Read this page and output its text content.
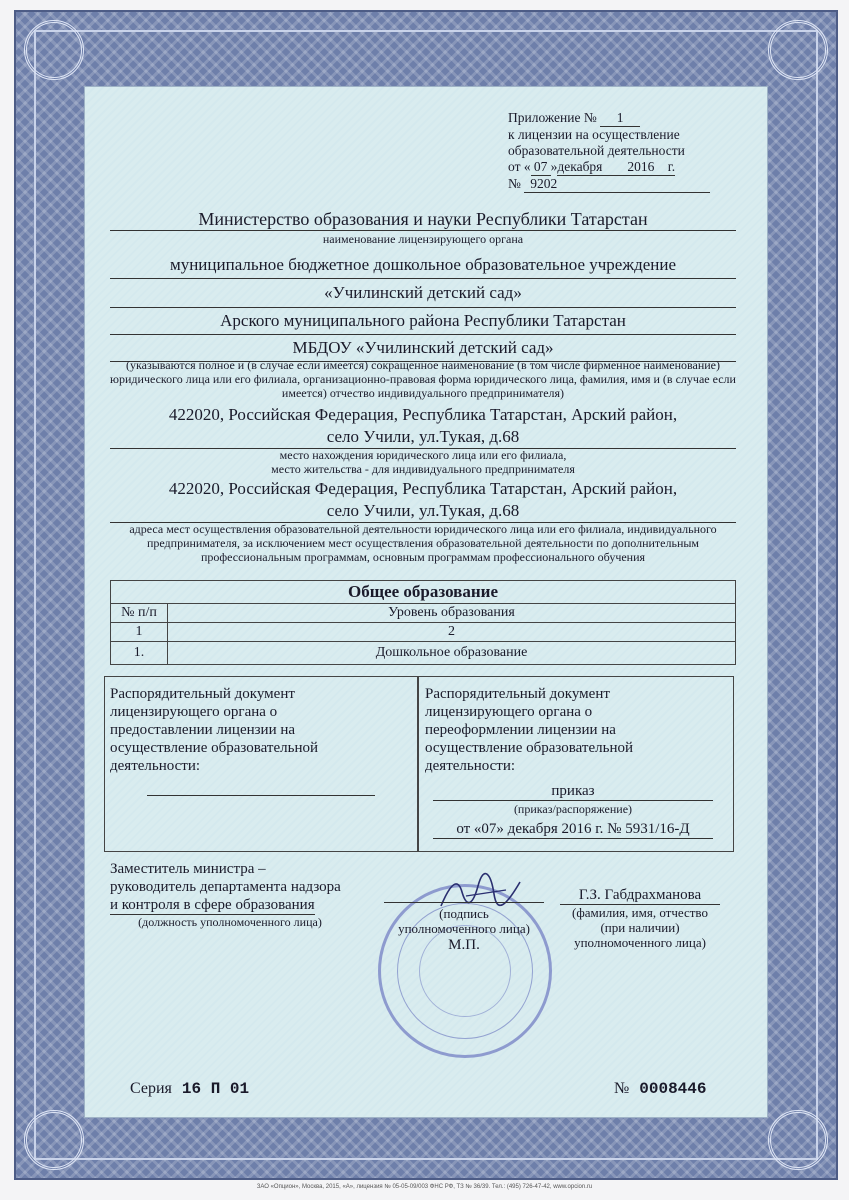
Приложение № 1
к лицензии на осуществление
образовательной деятельности
от « 07 »декабря 2016 г.
№ 9202
Министерство образования и науки Республики Татарстан
наименование лицензирующего органа
муниципальное бюджетное дошкольное образовательное учреждение
«Училинский детский сад»
Арского муниципального района Республики Татарстан
МБДОУ «Училинский детский сад»
(указываются полное и (в случае если имеется) сокращенное наименование (в том числе фирменное наименование) юридического лица или его филиала, организационно-правовая форма юридического лица, фамилия, имя и (в случае если имеется) отчество индивидуального предпринимателя)
422020, Российская Федерация, Республика Татарстан, Арский район,
село Учили, ул.Тукая, д.68
место нахождения юридического лица или его филиала,
место жительства - для индивидуального предпринимателя
422020, Российская Федерация, Республика Татарстан, Арский район,
село Учили, ул.Тукая, д.68
адреса мест осуществления образовательной деятельности юридического лица или его филиала, индивидуального предпринимателя, за исключением мест осуществления образовательной деятельности по дополнительным профессиональным программам, основным программам профессионального обучения
Общее образование	
№ п/п	Уровень образования
1	2
1.	Дошкольное образование
Распорядительный документ лицензирующего органа о предоставлении лицензии на осуществление образовательной деятельности:
Распорядительный документ лицензирующего органа о переоформлении лицензии на осуществление образовательной деятельности:
приказ
(приказ/распоряжение)
от «07» декабря 2016 г. № 5931/16-Д
Заместитель министра –
руководитель департамента надзора
и контроля в сфере образования
(должность уполномоченного лица)
(подпись
уполномоченного лица)
М.П.
Г.З. Габдрахманова
(фамилия, имя, отчество
(при наличии)
уполномоченного лица)
Серия 16 П 01	№ 0008446
ЗАО «Опцион», Москва, 2015, «А», лицензия № 05-05-09/003 ФНС РФ, ТЗ № 36/39. Тел.: (495) 726-47-42, www.opcion.ru
